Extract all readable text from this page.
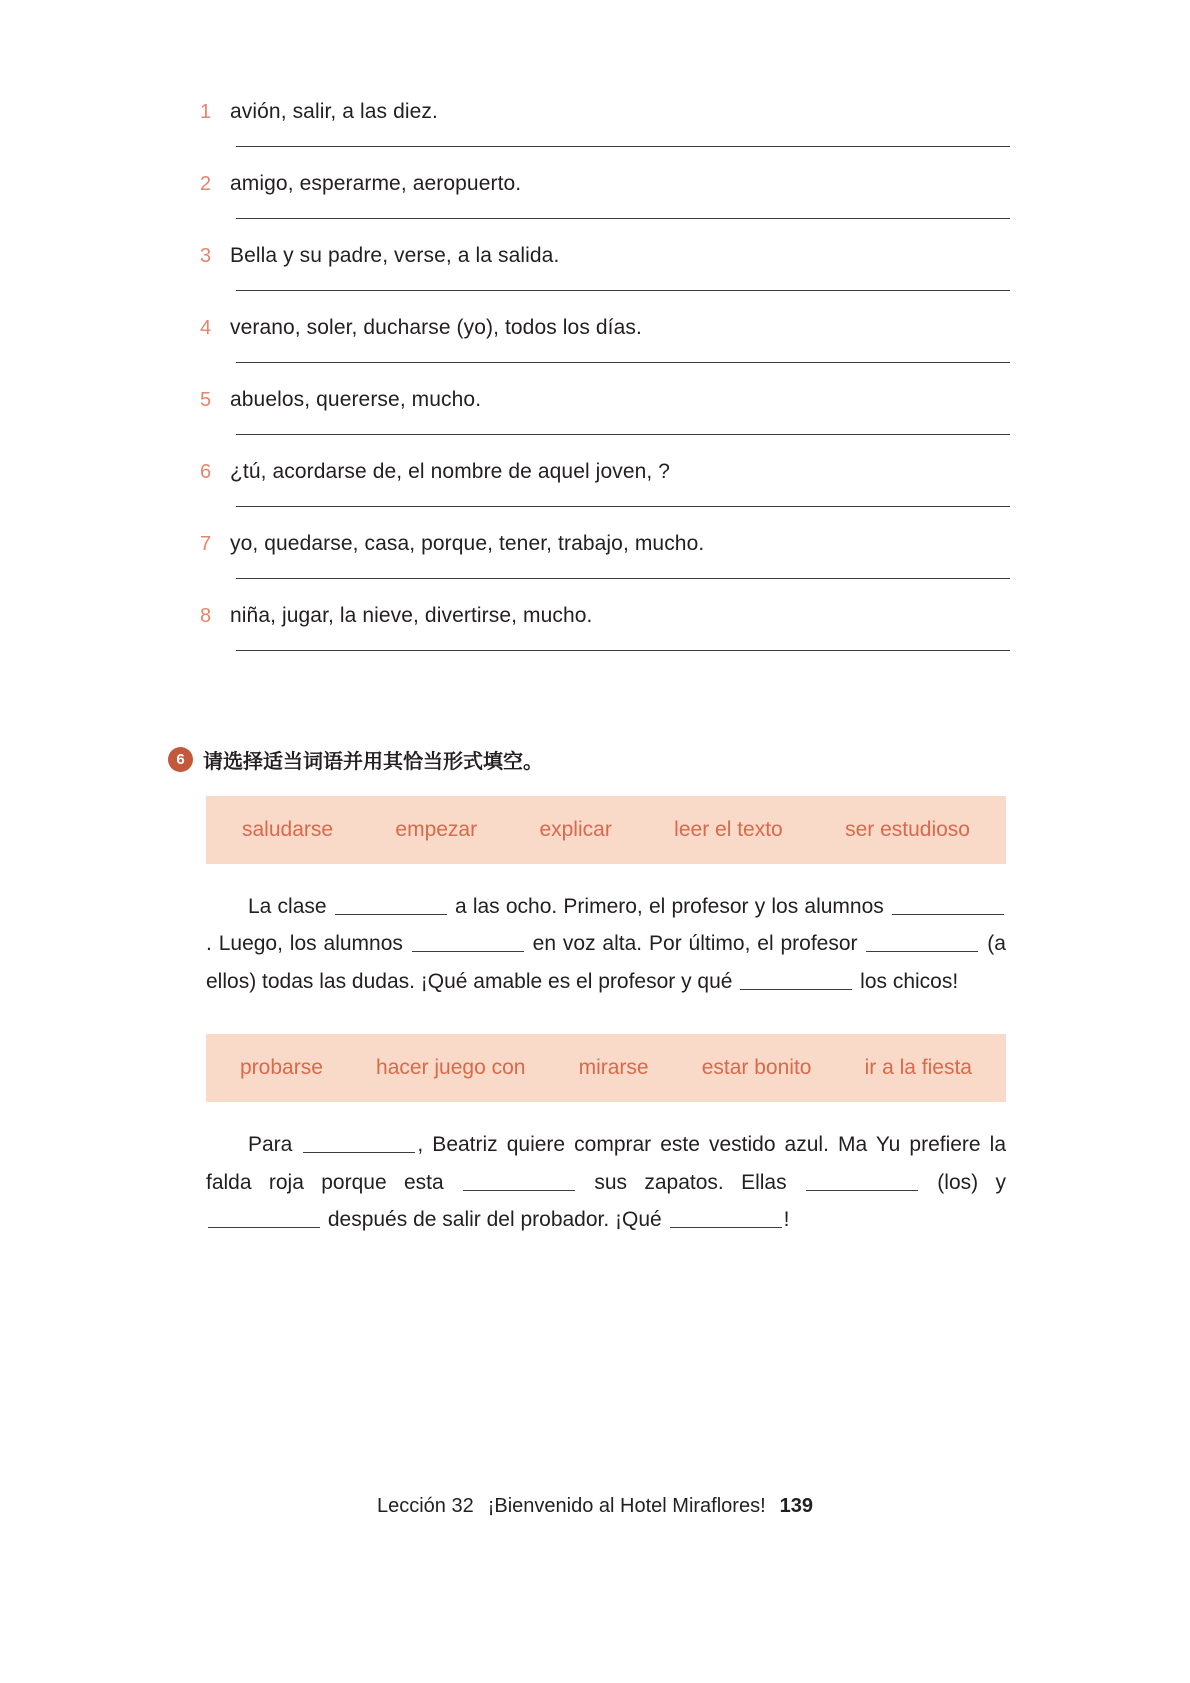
1 avión, salir, a las diez.
2 amigo, esperarme, aeropuerto.
3 Bella y su padre, verse, a la salida.
4 verano, soler, ducharse (yo), todos los días.
5 abuelos, quererse, mucho.
6 ¿tú, acordarse de, el nombre de aquel joven, ?
7 yo, quedarse, casa, porque, tener, trabajo, mucho.
8 niña, jugar, la nieve, divertirse, mucho.
6 请选择适当词语并用其恰当形式填空。
saludarse	empezar	explicar	leer el texto	ser estudioso
La clase	a las ocho. Primero, el profesor y los alumnos . Luego, los alumnos	en voz alta. Por último, el profesor	(a ellos) todas las dudas. ¡Qué amable es el profesor y qué	los chicos!
probarse	hacer juego con	mirarse	estar bonito	ir a la fiesta
Para	, Beatriz quiere comprar este vestido azul. Ma Yu prefiere la falda roja porque esta	sus zapatos. Ellas	(los) y  después de salir del probador. ¡Qué	!
Lección 32 ¡Bienvenido al Hotel Miraflores! 139
